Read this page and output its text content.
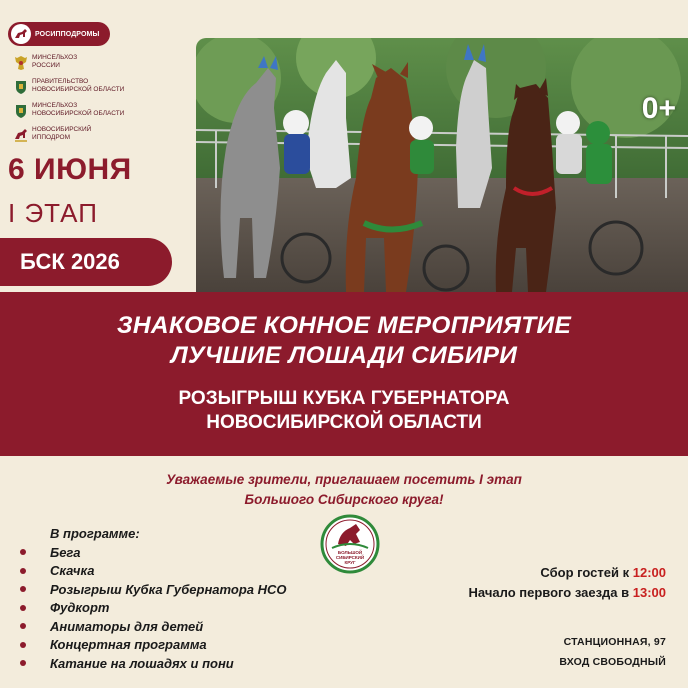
РОСИППОДРОМЫ
МИНСЕЛЬХОЗ
РОССИИ
ПРАВИТЕЛЬСТВО
НОВОСИБИРСКОЙ ОБЛАСТИ
МИНСЕЛЬХОЗ
НОВОСИБИРСКОЙ ОБЛАСТИ
НОВОСИБИРСКИЙ
ИППОДРОМ
6 ИЮНЯ
I ЭТАП
БСК 2026
0+
ЗНАКОВОЕ КОННОЕ МЕРОПРИЯТИЕ
ЛУЧШИЕ ЛОШАДИ СИБИРИ
РОЗЫГРЫШ КУБКА ГУБЕРНАТОРА
НОВОСИБИРСКОЙ ОБЛАСТИ
Уважаемые зрители, приглашаем посетить I этап
Большого Сибирского круга!
В программе:
Бега
Скачка
Розыгрыш Кубка Губернатора НСО
Фудкорт
Аниматоры для детей
Концертная программа
Катание на лошадях и пони
БОЛЬШОЙ
СИБИРСКИЙ
КРУГ
Сбор гостей к 12:00
Начало первого заезда в 13:00
СТАНЦИОННАЯ, 97
ВХОД СВОБОДНЫЙ
